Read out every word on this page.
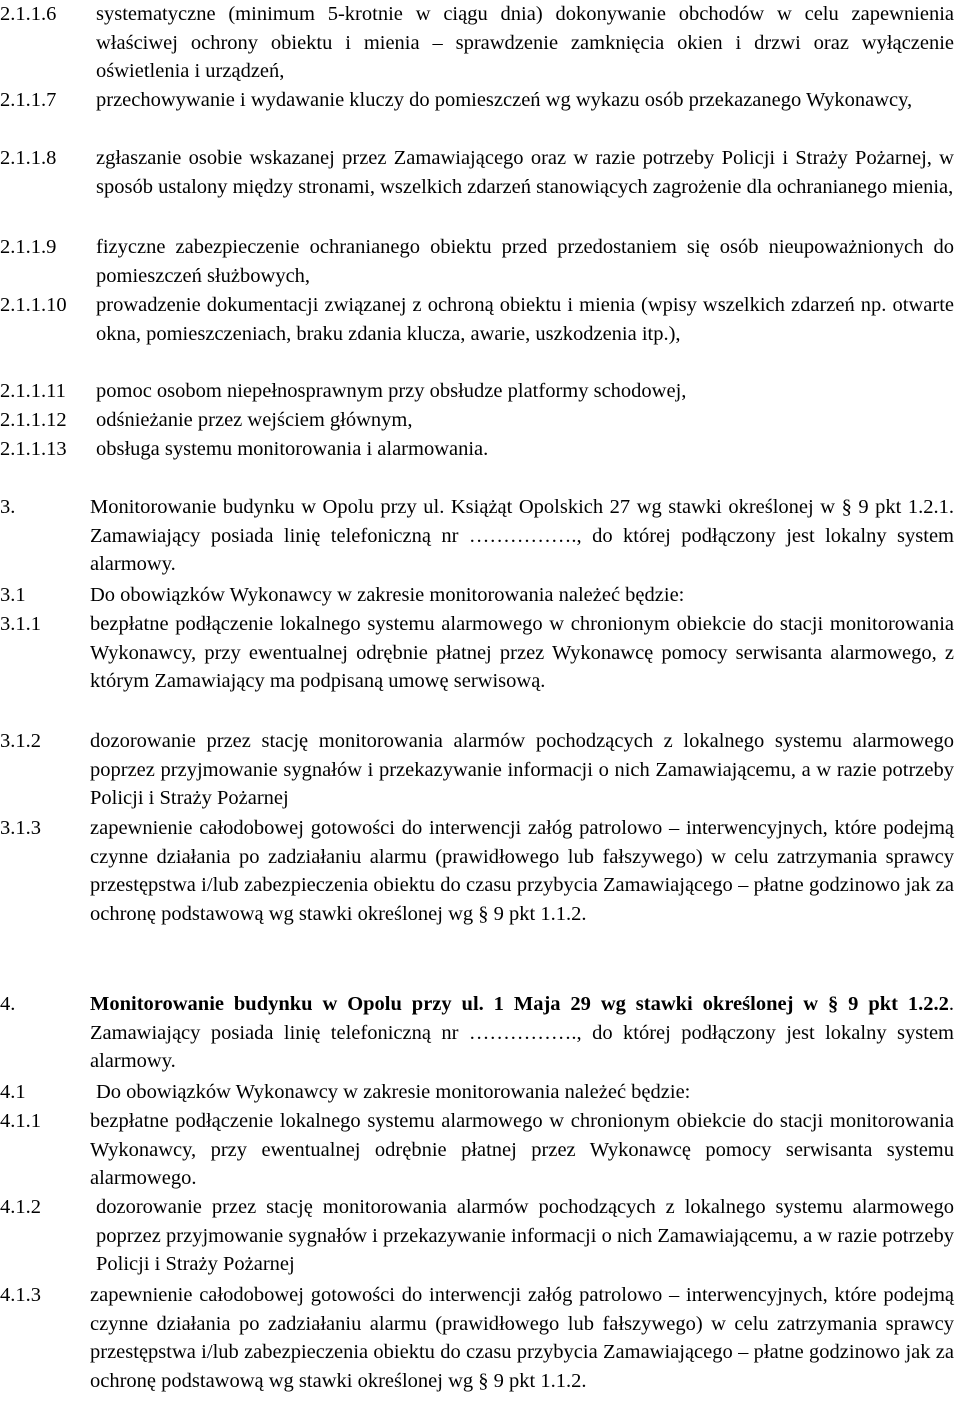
2.1.1.6 systematyczne (minimum 5-krotnie w ciągu dnia) dokonywanie obchodów w celu zapewnienia właściwej ochrony obiektu i mienia – sprawdzenie zamknięcia okien i drzwi oraz wyłączenie oświetlenia i urządzeń,
2.1.1.7 przechowywanie i wydawanie kluczy do pomieszczeń wg wykazu osób przekazanego Wykonawcy,
2.1.1.8 zgłaszanie osobie wskazanej przez Zamawiającego oraz w razie potrzeby Policji i Straży Pożarnej, w sposób ustalony między stronami, wszelkich zdarzeń stanowiących zagrożenie dla ochranianego mienia,
2.1.1.9 fizyczne zabezpieczenie ochranianego obiektu przed przedostaniem się osób nieupoważnionych do pomieszczeń służbowych,
2.1.1.10 prowadzenie dokumentacji związanej z ochroną obiektu i mienia (wpisy wszelkich zdarzeń np. otwarte okna, pomieszczeniach, braku zdania klucza, awarie, uszkodzenia itp.),
2.1.1.11 pomoc osobom niepełnosprawnym przy obsłudze platformy schodowej,
2.1.1.12 odśnieżanie przez wejściem głównym,
2.1.1.13 obsługa systemu monitorowania i alarmowania.
3.	Monitorowanie budynku w Opolu przy ul. Książąt Opolskich 27 wg stawki określonej w § 9 pkt 1.2.1. Zamawiający posiada linię telefoniczną nr ……………., do której podłączony jest lokalny system alarmowy.
3.1	Do obowiązków Wykonawcy w zakresie monitorowania należeć będzie:
3.1.1 bezpłatne podłączenie lokalnego systemu alarmowego w chronionym obiekcie do stacji monitorowania Wykonawcy, przy ewentualnej odrębnie płatnej przez Wykonawcę pomocy serwisanta alarmowego, z którym Zamawiający ma podpisaną umowę serwisową.
3.1.2 dozorowanie przez stację monitorowania alarmów pochodzących z lokalnego systemu alarmowego poprzez przyjmowanie sygnałów i przekazywanie informacji o nich Zamawiającemu, a w razie potrzeby Policji i Straży Pożarnej
3.1.3 zapewnienie całodobowej gotowości do interwencji załóg patrolowo – interwencyjnych, które podejmą czynne działania po zadziałaniu alarmu (prawidłowego lub fałszywego) w celu zatrzymania sprawcy przestępstwa i/lub zabezpieczenia obiektu do czasu przybycia Zamawiającego – płatne godzinowo jak za ochronę podstawową wg stawki określonej wg § 9 pkt 1.1.2.
4.	Monitorowanie budynku w Opolu przy ul. 1 Maja 29 wg stawki określonej w § 9 pkt 1.2.2. Zamawiający posiada linię telefoniczną nr ……………., do której podłączony jest lokalny system alarmowy.
4.1	Do obowiązków Wykonawcy w zakresie monitorowania należeć będzie:
4.1.1 bezpłatne podłączenie lokalnego systemu alarmowego w chronionym obiekcie do stacji monitorowania Wykonawcy, przy ewentualnej odrębnie płatnej przez Wykonawcę pomocy serwisanta systemu alarmowego.
4.1.2	dozorowanie przez stację monitorowania alarmów pochodzących z lokalnego systemu alarmowego poprzez przyjmowanie sygnałów i przekazywanie informacji o nich Zamawiającemu, a w razie potrzeby Policji i Straży Pożarnej
4.1.3 zapewnienie całodobowej gotowości do interwencji załóg patrolowo – interwencyjnych, które podejmą czynne działania po zadziałaniu alarmu (prawidłowego lub fałszywego) w celu zatrzymania sprawcy przestępstwa i/lub zabezpieczenia obiektu do czasu przybycia Zamawiającego – płatne godzinowo jak za ochronę podstawową wg stawki określonej wg § 9 pkt 1.1.2.
